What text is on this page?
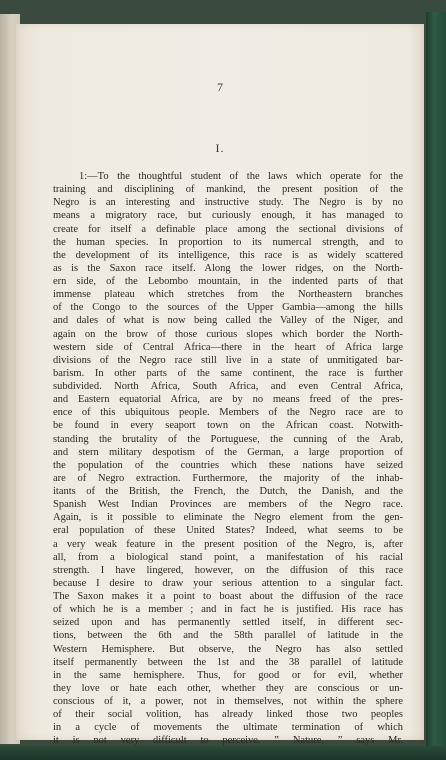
7
I.
1:—To the thoughtful student of the laws which operate for the
training and disciplining of mankind, the present position of the
Negro is an interesting and instructive study. The Negro is by no
means a migratory race, but curiously enough, it has managed to
create for itself a definable place among the sectional divisions of
the human species. In proportion to its numercal strength, and to
the development of its intelligence, this race is as widely scattered
as is the Saxon race itself. Along the lower ridges, on the North-
ern side, of the Lebombo mountain, in the indented parts of that
immense plateau which stretches from the Northeastern branches
of the Congo to the sources of the Upper Gambia—among the hills
and dales of what is now being called the Valley of the Niger, and
again on the brow of those curious slopes which border the North-
western side of Central Africa—there in the heart of Africa large
divisions of the Negro race still live in a state of unmitigated bar-
barism. In other parts of the same continent, the race is further
subdivided. North Africa, South Africa, and even Central Africa,
and Eastern equatorial Africa, are by no means freed of the pres-
ence of this ubiquitous people. Members of the Negro race are to
be found in every seaport town on the African coast. Notwith-
standing the brutality of the Portuguese, the cunning of the Arab,
and stern military despotism of the German, a large proportion of
the population of the countries which these nations have seized
are of Negro extraction. Furthermore, the majority of the inhab-
itants of the British, the French, the Dutch, the Danish, and the
Spanish West Indian Provinces are members of the Negro race.
Again, is it possible to eliminate the Negro element from the gen-
eral population of these United States? Indeed, what seems to be
a very weak feature in the present position of the Negro, is, after
all, from a biological stand point, a manifestation of his racial
strength. I have lingered, however, on the diffusion of this race
because I desire to draw your serious attention to a singular fact.
The Saxon makes it a point to boast about the diffusion of the race
of which he is a member ; and in fact he is justified. His race has
seized upon and has permanently settled itself, in different sec-
tions, between the 6th and the 58th parallel of latitude in the
Western Hemisphere. But observe, the Negro has also settled
itself permanently between the 1st and the 38 parallel of latitude
in the same hemisphere. Thus, for good or for evil, whether
they love or hate each other, whether they are conscious or un-
conscious of it, a power, not in themselves, not within the sphere
of their social volition, has already linked those two peoples
in a cycle of movements the ultimate termination of which
it is not very difficult to perceive. ‟ Nature, ” says Mr.
